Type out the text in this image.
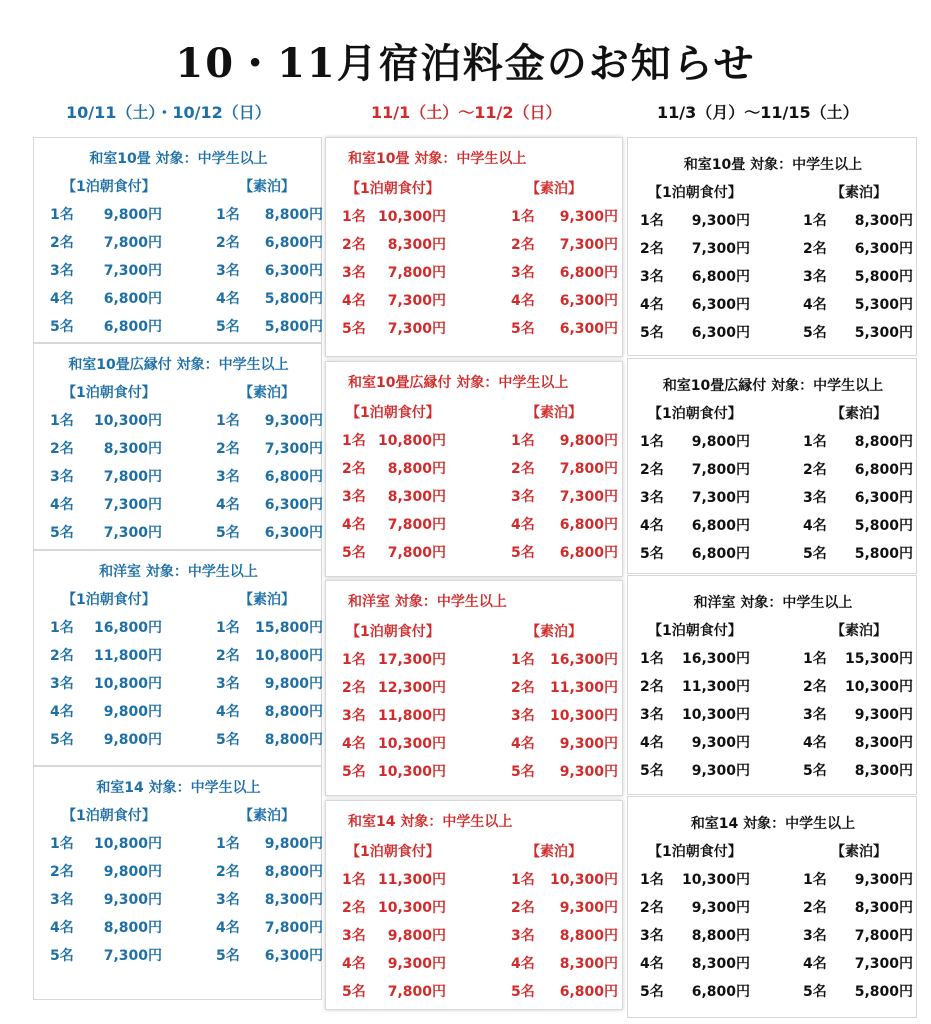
10・11月宿泊料金のお知らせ
10/11（土）・10/12（日）	11/1（土）～11/2（日）	11/3（月）～11/15（土）
和室10畳 対象：中学生以上
【1泊朝食付】	【素泊】
1名	9,800円	1名	8,800円
2名	7,800円	2名	6,800円
3名	7,300円	3名	6,300円
4名	6,800円	4名	5,800円
5名	6,800円	5名	5,800円
和室10畳広縁付 対象：中学生以上
【1泊朝食付】	【素泊】
1名 10,300円	1名	9,300円
2名	8,300円	2名	7,300円
3名	7,800円	3名	6,800円
4名	7,300円	4名	6,300円
5名	7,300円	5名	6,300円
和洋室 対象：中学生以上
【1泊朝食付】	【素泊】
1名 16,800円	1名 15,800円
2名 11,800円	2名 10,800円
3名 10,800円	3名	9,800円
4名	9,800円	4名	8,800円
5名	9,800円	5名	8,800円
和室14 対象：中学生以上
【1泊朝食付】	【素泊】
1名 10,800円	1名	9,800円
2名	9,800円	2名	8,800円
3名	9,300円	3名	8,300円
4名	8,800円	4名	7,800円
5名	7,300円	5名	6,300円
和室10畳 対象：中学生以上
【1泊朝食付】	【素泊】
1名 10,300円	1名	9,300円
2名	8,300円	2名	7,300円
3名	7,800円	3名	6,800円
4名	7,300円	4名	6,300円
5名	7,300円	5名	6,300円
和室10畳広縁付 対象：中学生以上
【1泊朝食付】	【素泊】
1名 10,800円	1名	9,800円
2名	8,800円	2名	7,800円
3名	8,300円	3名	7,300円
4名	7,800円	4名	6,800円
5名	7,800円	5名	6,800円
和洋室 対象：中学生以上
【1泊朝食付】	【素泊】
1名 17,300円	1名 16,300円
2名 12,300円	2名 11,300円
3名 11,800円	3名 10,300円
4名 10,300円	4名	9,300円
5名 10,300円	5名	9,300円
和室14 対象：中学生以上
【1泊朝食付】	【素泊】
1名 11,300円	1名 10,300円
2名 10,300円	2名	9,300円
3名	9,800円	3名	8,800円
4名	9,300円	4名	8,300円
5名	7,800円	5名	6,800円
和室10畳 対象：中学生以上
【1泊朝食付】	【素泊】
1名	9,300円	1名	8,300円
2名	7,300円	2名	6,300円
3名	6,800円	3名	5,800円
4名	6,300円	4名	5,300円
5名	6,300円	5名	5,300円
和室10畳広縁付 対象：中学生以上
【1泊朝食付】	【素泊】
1名	9,800円	1名	8,800円
2名	7,800円	2名	6,800円
3名	7,300円	3名	6,300円
4名	6,800円	4名	5,800円
5名	6,800円	5名	5,800円
和洋室 対象：中学生以上
【1泊朝食付】	【素泊】
1名 16,300円	1名 15,300円
2名 11,300円	2名 10,300円
3名 10,300円	3名	9,300円
4名	9,300円	4名	8,300円
5名	9,300円	5名	8,300円
和室14 対象：中学生以上
【1泊朝食付】	【素泊】
1名 10,300円	1名	9,300円
2名	9,300円	2名	8,300円
3名	8,800円	3名	7,800円
4名	8,300円	4名	7,300円
5名	6,800円	5名	5,800円
